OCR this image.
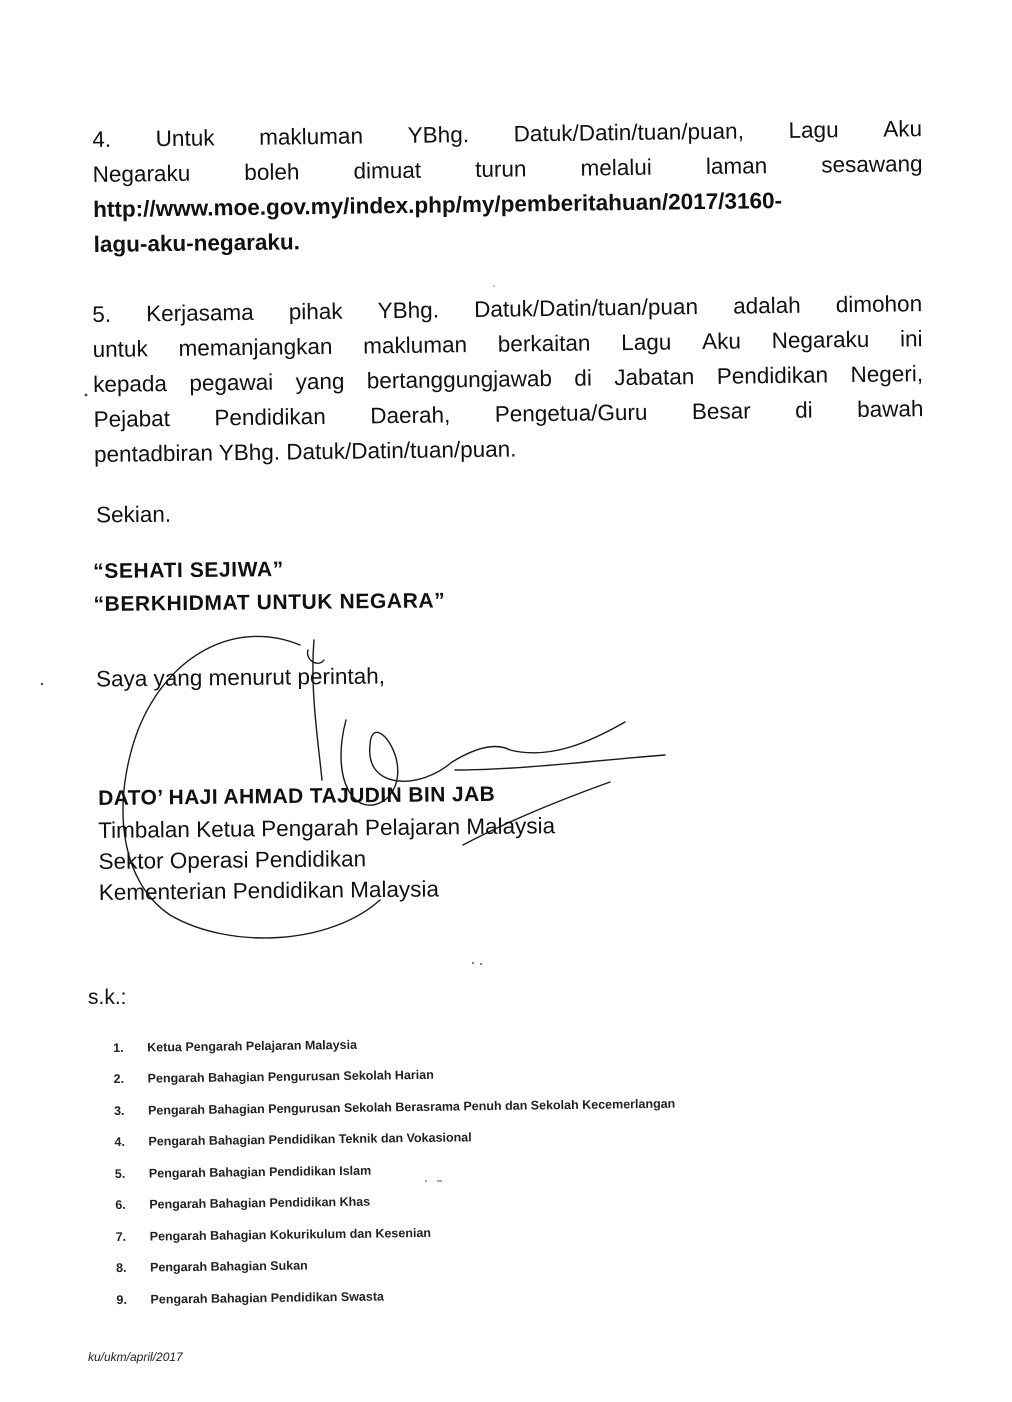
4. Untuk makluman YBhg. Datuk/Datin/tuan/puan, Lagu Aku
Negaraku boleh dimuat turun melalui laman sesawang
http://www.moe.gov.my/index.php/my/pemberitahuan/2017/3160-
lagu-aku-negaraku.
5. Kerjasama pihak YBhg. Datuk/Datin/tuan/puan adalah dimohon
untuk memanjangkan makluman berkaitan Lagu Aku Negaraku ini
kepada pegawai yang bertanggungjawab di Jabatan Pendidikan Negeri,
Pejabat Pendidikan Daerah, Pengetua/Guru Besar di bawah
pentadbiran YBhg. Datuk/Datin/tuan/puan.
Sekian.
“SEHATI SEJIWA”
“BERKHIDMAT UNTUK NEGARA”
Saya yang menurut perintah,
DATO’ HAJI AHMAD TAJUDIN BIN JAB
Timbalan Ketua Pengarah Pelajaran Malaysia
Sektor Operasi Pendidikan
Kementerian Pendidikan Malaysia
s.k.:
1.	Ketua Pengarah Pelajaran Malaysia
2.	Pengarah Bahagian Pengurusan Sekolah Harian
3.	Pengarah Bahagian Pengurusan Sekolah Berasrama Penuh dan Sekolah Kecemerlangan
4.	Pengarah Bahagian Pendidikan Teknik dan Vokasional
5.	Pengarah Bahagian Pendidikan Islam
6.	Pengarah Bahagian Pendidikan Khas
7.	Pengarah Bahagian Kokurikulum dan Kesenian
8.	Pengarah Bahagian Sukan
9.	Pengarah Bahagian Pendidikan Swasta
ku/ukm/april/2017
